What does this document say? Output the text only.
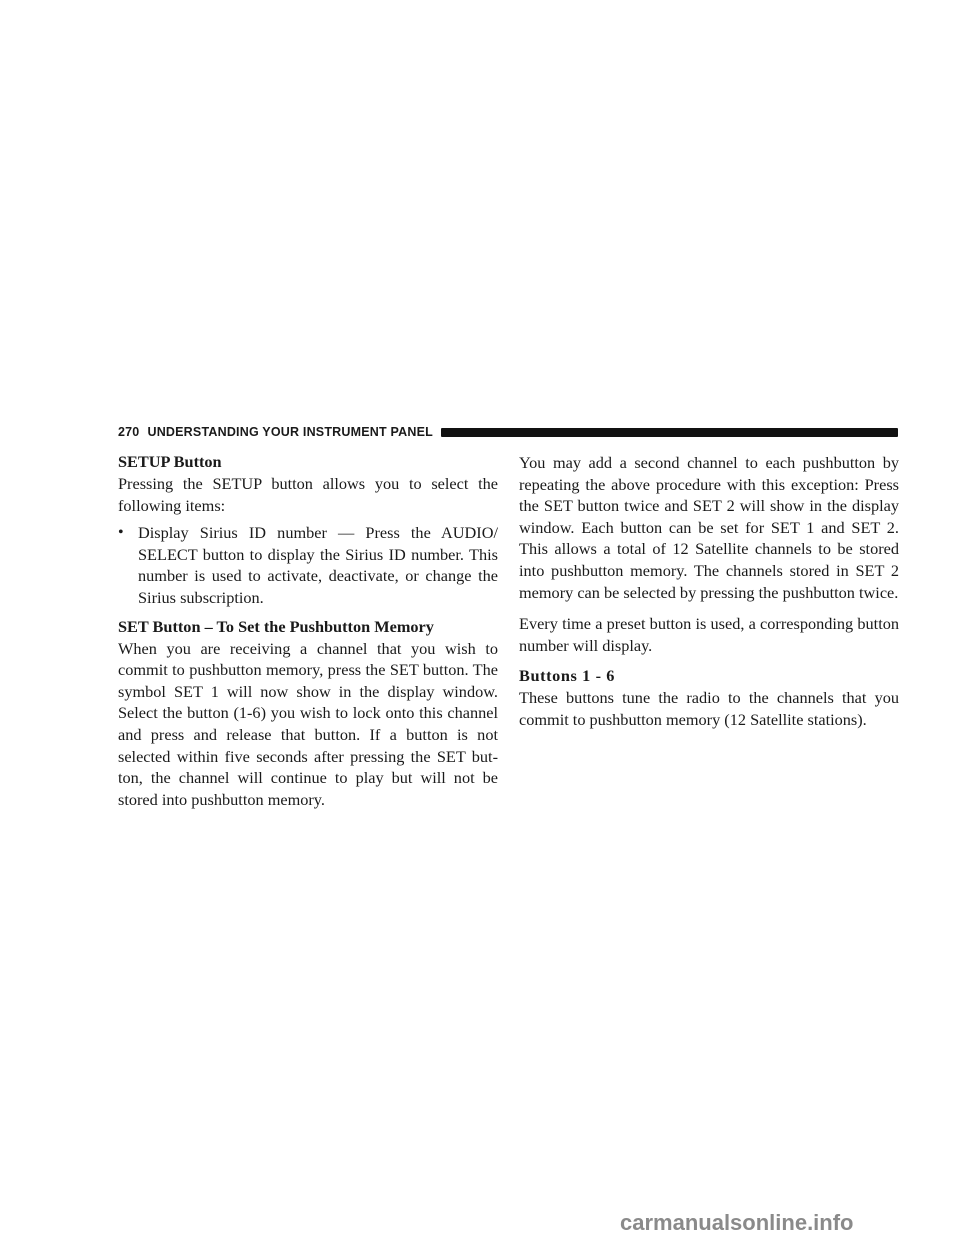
270 UNDERSTANDING YOUR INSTRUMENT PANEL
SETUP Button
Pressing the SETUP button allows you to select the following items:
• Display Sirius ID number — Press the AUDIO/ SELECT button to display the Sirius ID number. This number is used to activate, deactivate, or change the Sirius subscription.
SET Button – To Set the Pushbutton Memory
When you are receiving a channel that you wish to commit to pushbutton memory, press the SET button. The symbol SET 1 will now show in the display window. Select the button (1-6) you wish to lock onto this channel and press and release that button. If a button is not selected within five seconds after pressing the SET but- ton, the channel will continue to play but will not be stored into pushbutton memory.
You may add a second channel to each pushbutton by repeating the above procedure with this exception: Press the SET button twice and SET 2 will show in the display window. Each button can be set for SET 1 and SET 2. This allows a total of 12 Satellite channels to be stored into pushbutton memory. The channels stored in SET 2 memory can be selected by pressing the pushbutton twice.
Every time a preset button is used, a corresponding button number will display.
Buttons 1 - 6
These buttons tune the radio to the channels that you commit to pushbutton memory (12 Satellite stations).
carmanualsonline.info
